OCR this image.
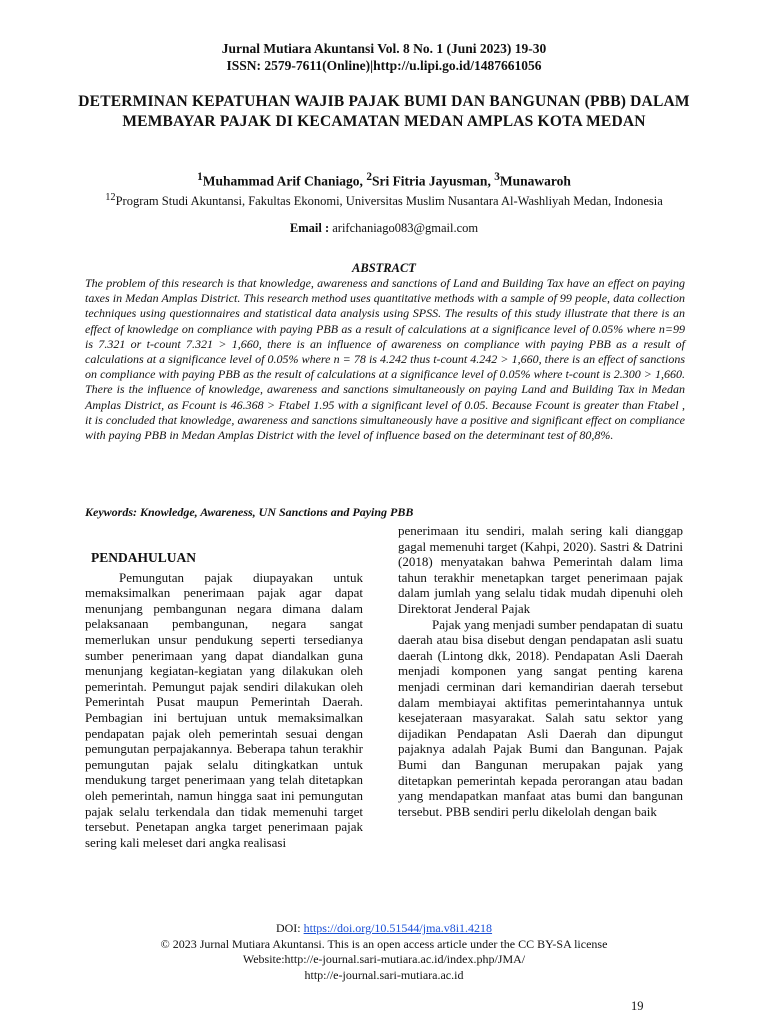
Jurnal Mutiara Akuntansi Vol. 8 No. 1 (Juni 2023) 19-30
ISSN: 2579-7611(Online)|http://u.lipi.go.id/1487661056
DETERMINAN KEPATUHAN WAJIB PAJAK BUMI DAN BANGUNAN (PBB) DALAM MEMBAYAR PAJAK DI KECAMATAN MEDAN AMPLAS KOTA MEDAN
$^1$Muhammad Arif Chaniago, $^2$Sri Fitria Jayusman, $^3$Munawaroh
$^{12}$Program Studi Akuntansi, Fakultas Ekonomi, Universitas Muslim Nusantara Al-Washliyah Medan, Indonesia
Email : arifchaniago083@gmail.com
ABSTRACT
The problem of this research is that knowledge, awareness and sanctions of Land and Building Tax have an effect on paying taxes in Medan Amplas District. This research method uses quantitative methods with a sample of 99 people, data collection techniques using questionnaires and statistical data analysis using SPSS. The results of this study illustrate that there is an effect of knowledge on compliance with paying PBB as a result of calculations at a significance level of 0.05% where n=99 is 7.321 or t-count 7.321 > 1,660, there is an influence of awareness on compliance with paying PBB as a result of calculations at a significance level of 0.05% where n = 78 is 4.242 thus t-count 4.242 > 1,660, there is an effect of sanctions on compliance with paying PBB as the result of calculations at a significance level of 0.05% where t-count is 2.300 > 1,660. There is the influence of knowledge, awareness and sanctions simultaneously on paying Land and Building Tax in Medan Amplas District, as Fcount is 46.368 > Ftabel 1.95 with a significant level of 0.05. Because Fcount is greater than Ftabel , it is concluded that knowledge, awareness and sanctions simultaneously have a positive and significant effect on compliance with paying PBB in Medan Amplas District with the level of influence based on the determinant test of 80,8%.
Keywords: Knowledge, Awareness, UN Sanctions and Paying PBB
PENDAHULUAN

Pemungutan pajak diupayakan untuk memaksimalkan penerimaan pajak agar dapat menunjang pembangunan negara dimana dalam pelaksanaan pembangunan, negara sangat memerlukan unsur pendukung seperti tersedianya sumber penerimaan yang dapat diandalkan guna menunjang kegiatan-kegiatan yang dilakukan oleh pemerintah. Pemungut pajak sendiri dilakukan oleh Pemerintah Pusat maupun Pemerintah Daerah. Pembagian ini bertujuan untuk memaksimalkan pendapatan pajak oleh pemerintah sesuai dengan pemungutan perpajakannya. Beberapa tahun terakhir pemungutan pajak selalu ditingkatkan untuk mendukung target penerimaan yang telah ditetapkan oleh pemerintah, namun hingga saat ini pemungutan pajak selalu terkendala dan tidak memenuhi target tersebut. Penetapan angka target penerimaan pajak sering kali meleset dari angka realisasi

penerimaan itu sendiri, malah sering kali dianggap gagal memenuhi target (Kahpi, 2020). Sastri & Datrini (2018) menyatakan bahwa Pemerintah dalam lima tahun terakhir menetapkan target penerimaan pajak dalam jumlah yang selalu tidak mudah dipenuhi oleh Direktorat Jenderal Pajak

Pajak yang menjadi sumber pendapatan di suatu daerah atau bisa disebut dengan pendapatan asli suatu daerah (Lintong dkk, 2018). Pendapatan Asli Daerah menjadi komponen yang sangat penting karena menjadi cerminan dari kemandirian daerah tersebut dalam membiayai aktifitas pemerintahannya untuk kesejateraan masyarakat. Salah satu sektor yang dijadikan Pendapatan Asli Daerah dan dipungut pajaknya adalah Pajak Bumi dan Bangunan. Pajak Bumi dan Bangunan merupakan pajak yang ditetapkan pemerintah kepada perorangan atau badan yang mendapatkan manfaat atas bumi dan bangunan tersebut. PBB sendiri perlu dikelolah dengan baik

DOI: https://doi.org/10.51544/jma.v8i1.4218
© 2023 Jurnal Mutiara Akuntansi. This is an open access article under the CC BY-SA license
Website:http://e-journal.sari-mutiara.ac.id/index.php/JMA/
http://e-journal.sari-mutiara.ac.id
19
